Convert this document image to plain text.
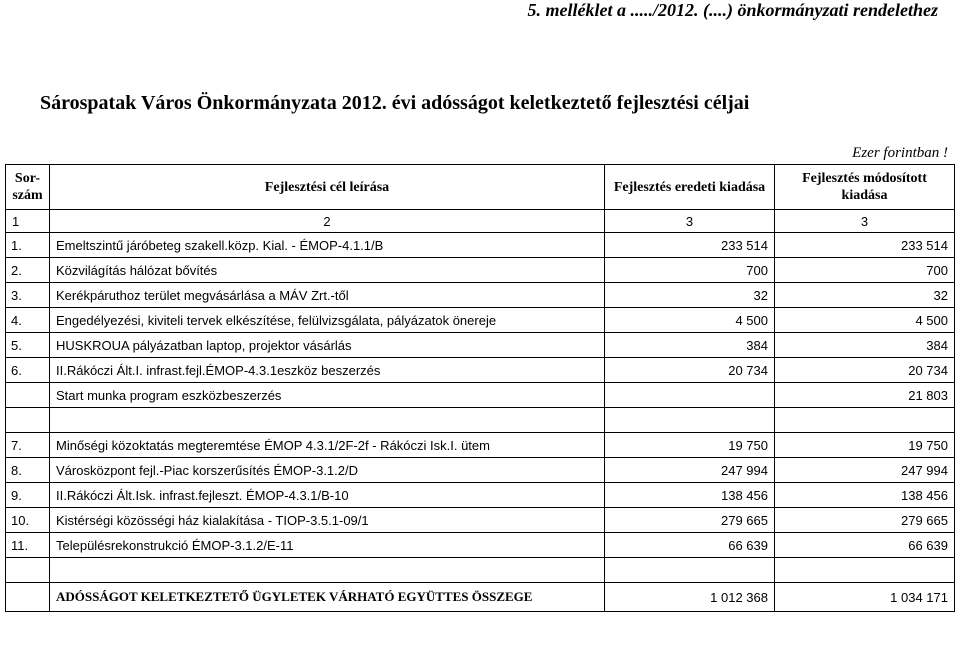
5. melléklet a ...../2012. (....) önkormányzati rendelethez
Sárospatak Város Önkormányzata 2012. évi adósságot keletkeztető fejlesztési céljai
Ezer forintban !
Sor-
szám	Fejlesztési cél leírása	Fejlesztés eredeti kiadása	Fejlesztés módosított kiadása
1	2	3	3
1.	Emeltszintű járóbeteg szakell.közp. Kial. - ÉMOP-4.1.1/B	233 514	233 514
2.	Közvilágítás hálózat bővítés	700	700
3.	Kerékpáruthoz terület megvásárlása a MÁV Zrt.-től	32	32
4.	Engedélyezési, kiviteli tervek elkészítése, felülvizsgálata, pályázatok önereje	4 500	4 500
5.	HUSKROUA pályázatban laptop, projektor vásárlás	384	384
6.	II.Rákóczi Ált.I. infrast.fejl.ÉMOP-4.3.1eszköz beszerzés	20 734	20 734
	Start munka program eszközbeszerzés		21 803

7.	Minőségi közoktatás megteremtése ÉMOP 4.3.1/2F-2f - Rákóczi Isk.I. ütem	19 750	19 750
8.	Városközpont fejl.-Piac korszerűsítés ÉMOP-3.1.2/D	247 994	247 994
9.	II.Rákóczi Ált.Isk. infrast.fejleszt. ÉMOP-4.3.1/B-10	138 456	138 456
10.	Kistérségi közösségi ház kialakítása - TIOP-3.5.1-09/1	279 665	279 665
11.	Településrekonstrukció ÉMOP-3.1.2/E-11	66 639	66 639

	ADÓSSÁGOT KELETKEZTETŐ ÜGYLETEK VÁRHATÓ EGYÜTTES ÖSSZEGE	1 012 368	1 034 171
